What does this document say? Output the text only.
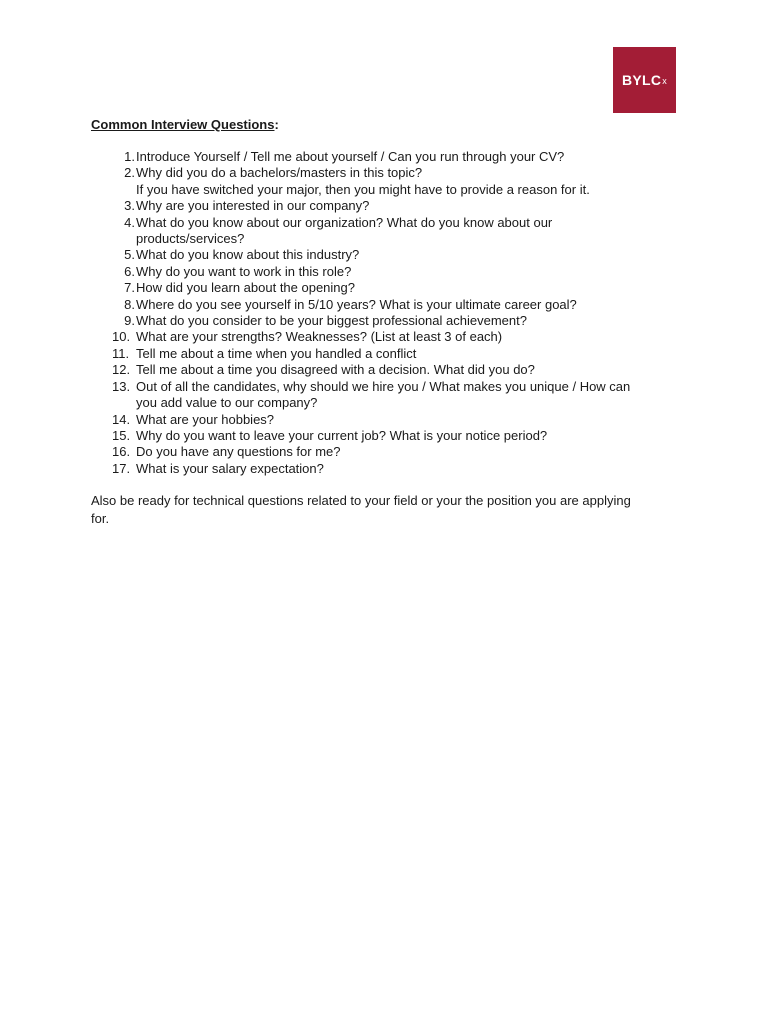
BYLC x
Common Interview Questions:
1. Introduce Yourself / Tell me about yourself / Can you run through your CV?
2. Why did you do a bachelors/masters in this topic?
If you have switched your major, then you might have to provide a reason for it.
3. Why are you interested in our company?
4. What do you know about our organization? What do you know about our
products/services?
5. What do you know about this industry?
6. Why do you want to work in this role?
7. How did you learn about the opening?
8. Where do you see yourself in 5/10 years? What is your ultimate career goal?
9. What do you consider to be your biggest professional achievement?
10. What are your strengths? Weaknesses? (List at least 3 of each)
11. Tell me about a time when you handled a conflict
12. Tell me about a time you disagreed with a decision. What did you do?
13. Out of all the candidates, why should we hire you / What makes you unique / How can
you add value to our company?
14. What are your hobbies?
15. Why do you want to leave your current job? What is your notice period?
16. Do you have any questions for me?
17. What is your salary expectation?
Also be ready for technical questions related to your field or your the position you are applying
for.
